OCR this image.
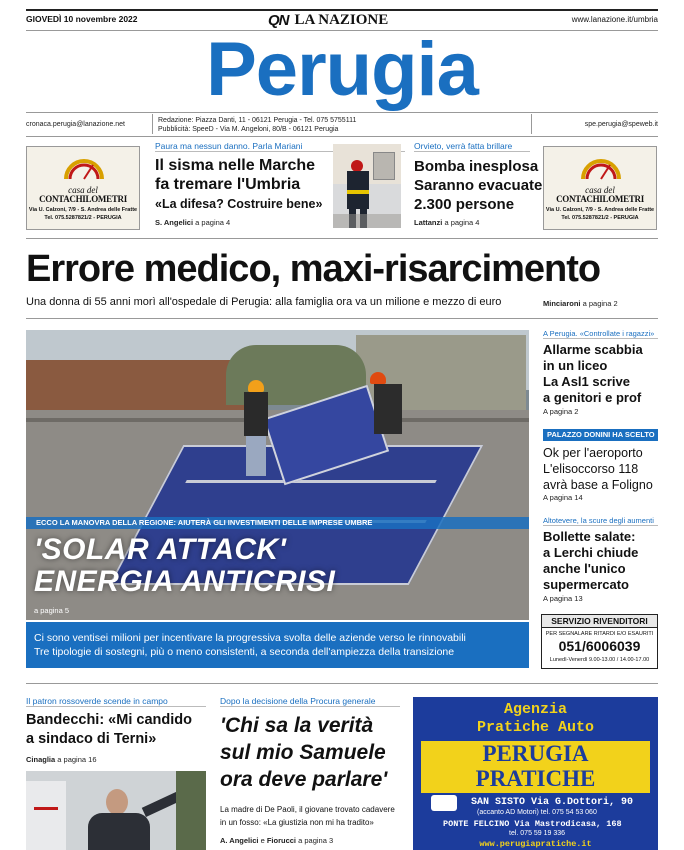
GIOVEDÌ 10 novembre 2022	QN LA NAZIONE	www.lanazione.it/umbria
Perugia
cronaca.perugia@lanazione.net
Redazione: Piazza Danti, 11 - 06121 Perugia - Tel. 075 5755111
Pubblicità: SpeeD - Via M. Angeloni, 80/B - 06121 Perugia
spe.perugia@speweb.it
casa del
CONTACHILOMETRI
Via U. Calzoni, 7/9 - S. Andrea delle Fratte
Tel. 075.5287821/2 - PERUGIA
Paura ma nessun danno. Parla Mariani
Il sisma nelle Marche
fa tremare l'Umbria
«La difesa? Costruire bene»
S. Angelici a pagina 4
Orvieto, verrà fatta brillare
Bomba inesplosa
Saranno evacuate
2.300 persone
Lattanzi a pagina 4
casa del
CONTACHILOMETRI
Via U. Calzoni, 7/9 - S. Andrea delle Fratte
Tel. 075.5287821/2 - PERUGIA
Errore medico, maxi-risarcimento
Una donna di 55 anni morì all'ospedale di Perugia: alla famiglia ora va un milione e mezzo di euro	Minciaroni a pagina 2
ECCO LA MANOVRA DELLA REGIONE: AIUTERÀ GLI INVESTIMENTI DELLE IMPRESE UMBRE
'SOLAR ATTACK'
ENERGIA ANTICRISI
a pagina 5
Ci sono ventisei milioni per incentivare la progressiva svolta delle aziende verso le rinnovabili
Tre tipologie di sostegni, più o meno consistenti, a seconda dell'ampiezza della transizione
A Perugia. «Controllate i ragazzi»
Allarme scabbia
in un liceo
La Asl1 scrive
a genitori e prof
A pagina 2
PALAZZO DONINI HA SCELTO
Ok per l'aeroporto
L'elisoccorso 118
avrà base a Foligno
A pagina 14
Altotevere, la scure degli aumenti
Bollette salate:
a Lerchi chiude
anche l'unico
supermercato
A pagina 13
SERVIZIO RIVENDITORI
PER SEGNALARE RITARDI E/O ESAURITI
051/6006039
Lunedì-Venerdì 9.00-13.00 / 14.00-17.00
Il patron rossoverde scende in campo
Bandecchi: «Mi candido
a sindaco di Terni»
Cinaglia a pagina 16
Dopo la decisione della Procura generale
'Chi sa la verità
sul mio Samuele
ora deve parlare'
La madre di De Paoli, il giovane trovato cadavere
in un fosso: «La giustizia non mi ha tradito»
A. Angelici e Fiorucci a pagina 3
Agenzia
Pratiche Auto
PERUGIA
PRATICHE
SAN SISTO Via G.Dottori, 90
(accanto AD Motori) tel. 075 54 53 060
PONTE FELCINO Via Mastrodicasa, 168
tel. 075 59 19 336
www.perugiapratiche.it
